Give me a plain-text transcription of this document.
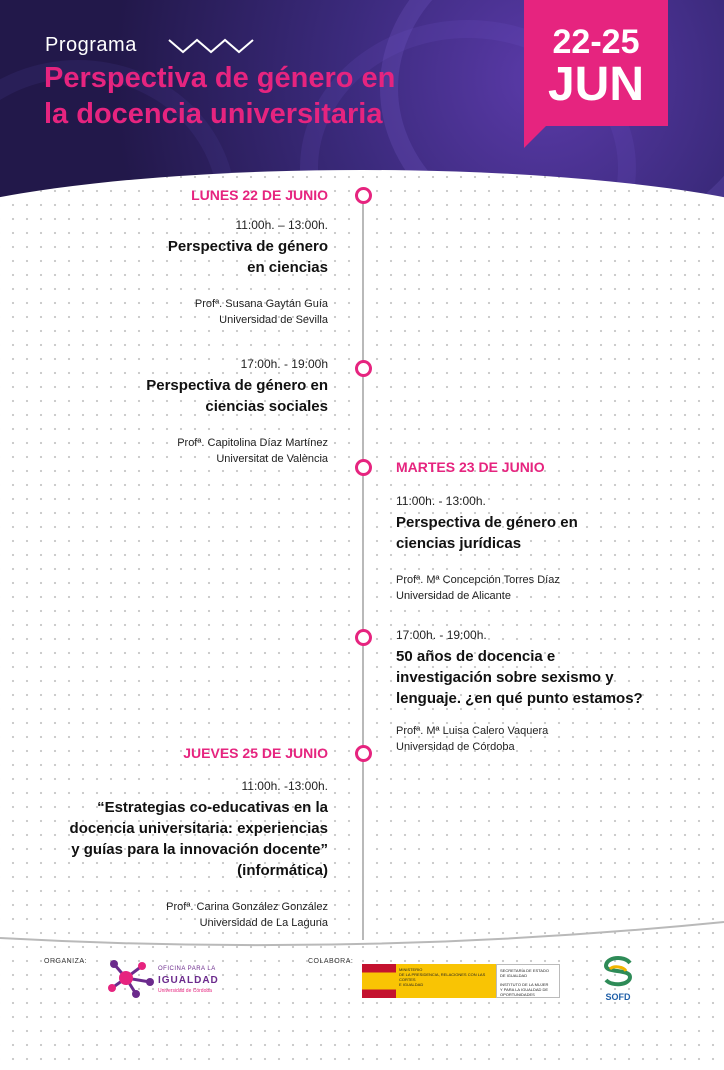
Programa
Perspectiva de género en
la docencia universitaria
22-25
JUN
LUNES 22 DE JUNIO
MARTES 23 DE JUNIO
JUEVES 25 DE JUNIO
11:00h. – 13:00h.
Perspectiva de género
en ciencias
Profª. Susana Gaytán Guía
Universidad de Sevilla
17:00h. - 19:00h
Perspectiva de género en
ciencias sociales
Profª. Capitolina Díaz Martínez
Universitat de València
11:00h. - 13:00h.
Perspectiva de género en
ciencias jurídicas
Profª. Mª Concepción Torres Díaz
Universidad de Alicante
17:00h. - 19:00h.
50 años de docencia e
investigación sobre sexismo y
lenguaje. ¿en qué punto estamos?
Profª. Mª Luisa Calero Vaquera
Universidad de Córdoba
11:00h. -13:00h.
“Estrategias co-educativas en la
docencia universitaria: experiencias
y guías para la innovación docente”
(informática)
Profª. Carina González González
Universidad de La Laguna
ORGANIZA:	COLABORA:
OFICINA PARA LA
IGUALDAD
Universidad de Córdoba
MINISTERIO
DE LA PRESIDENCIA, RELACIONES CON LAS CORTES
E IGUALDAD
SECRETARÍA DE ESTADO
DE IGUALDAD
INSTITUTO DE LA MUJER
Y PARA LA IGUALDAD DE OPORTUNIDADES	SOFD
